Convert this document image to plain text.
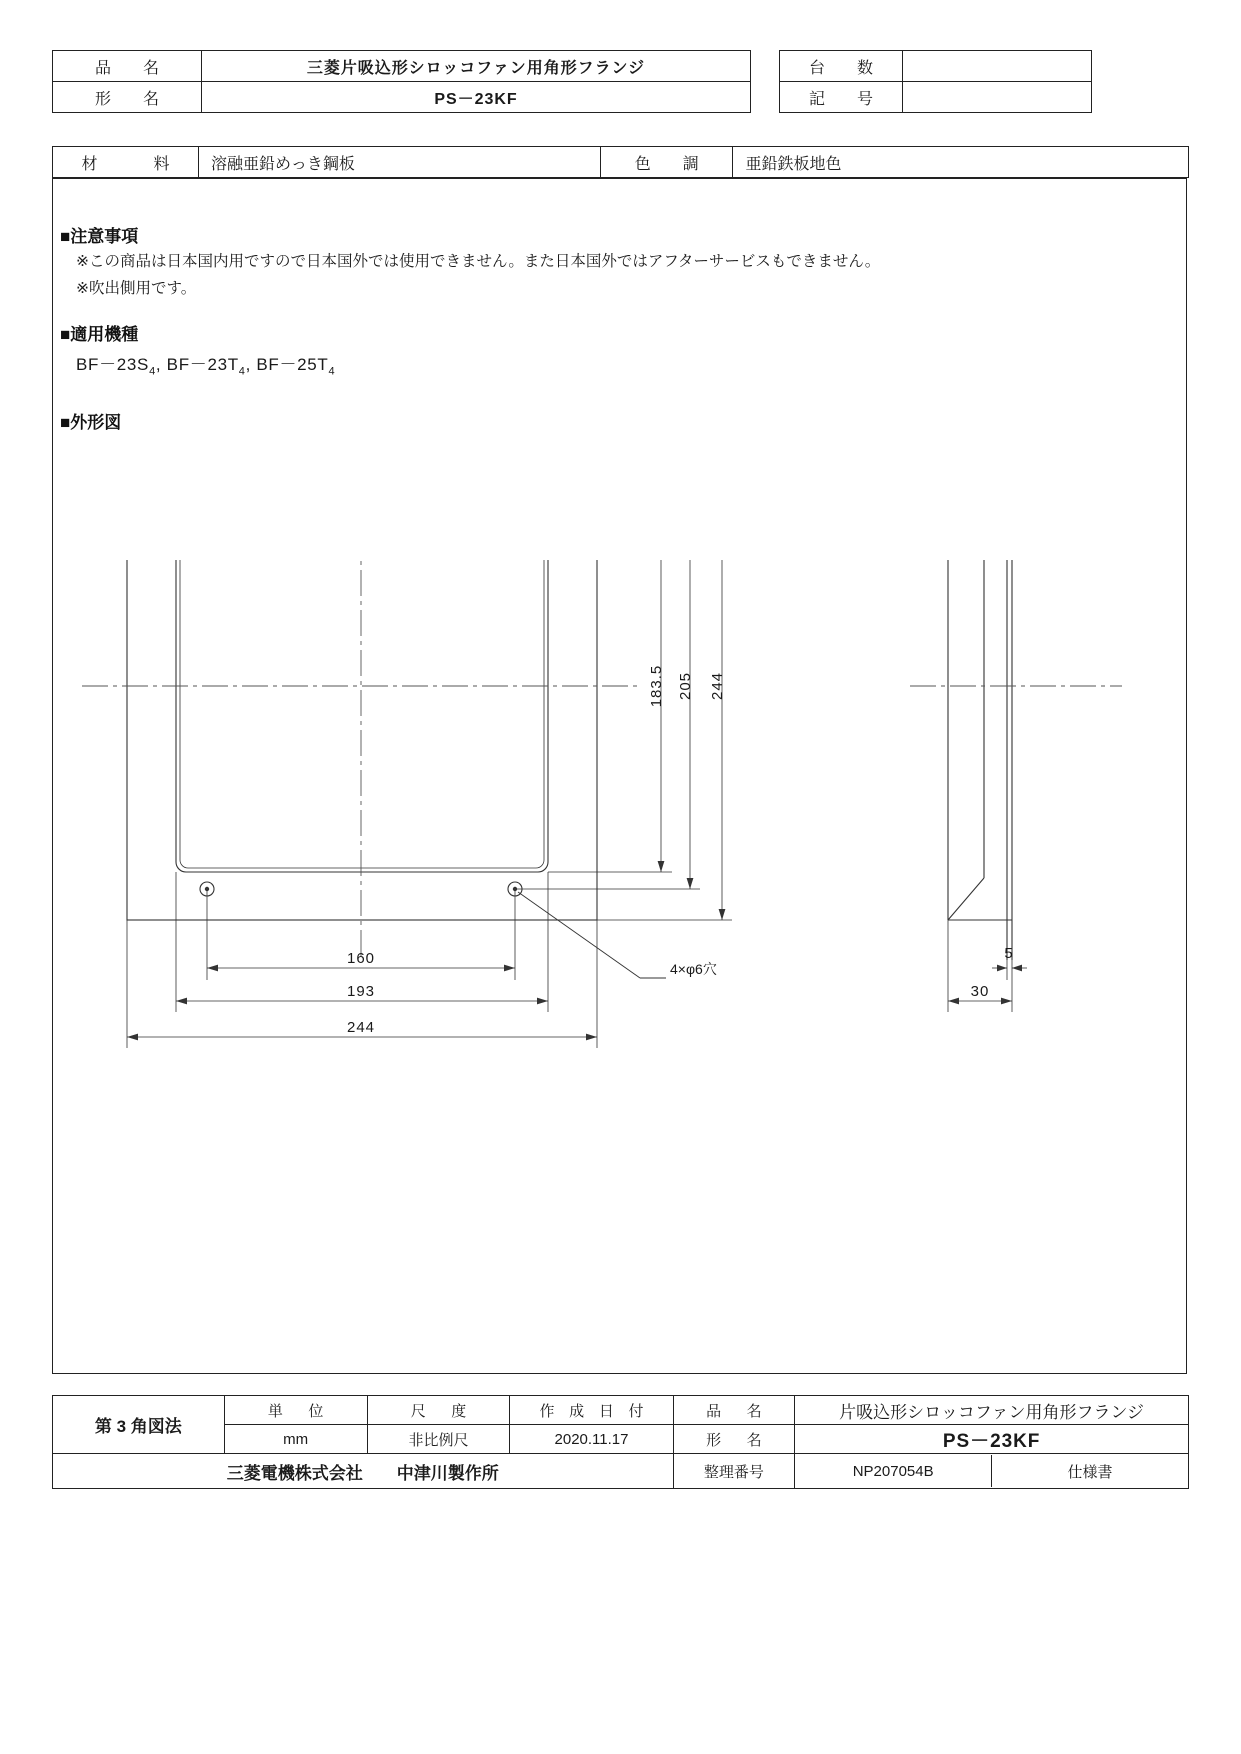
品　名	三菱片吸込形シロッコファン用角形フランジ		台　数	
形　名	PS－23KF		記　号	
材　　料	溶融亜鉛めっき鋼板	色　調	亜鉛鉄板地色
■注意事項
※この商品は日本国内用ですので日本国外では使用できません。また日本国外ではアフターサービスもできません。
※吹出側用です。
■適用機種
$BF-23S_4$, $BF-23T_4$, $BF-25T_4$
■外形図
183.5 205 244
160
193
244
4×φ6穴
5
30
第 3 角図法	単　位	尺　度	作 成 日 付	品　名	片吸込形シロッコファン用角形フランジ
mm	非比例尺	2020.11.17	形　名	PS－23KF
三菱電機株式会社　　中津川製作所	整理番号		NP207054B	仕様書
